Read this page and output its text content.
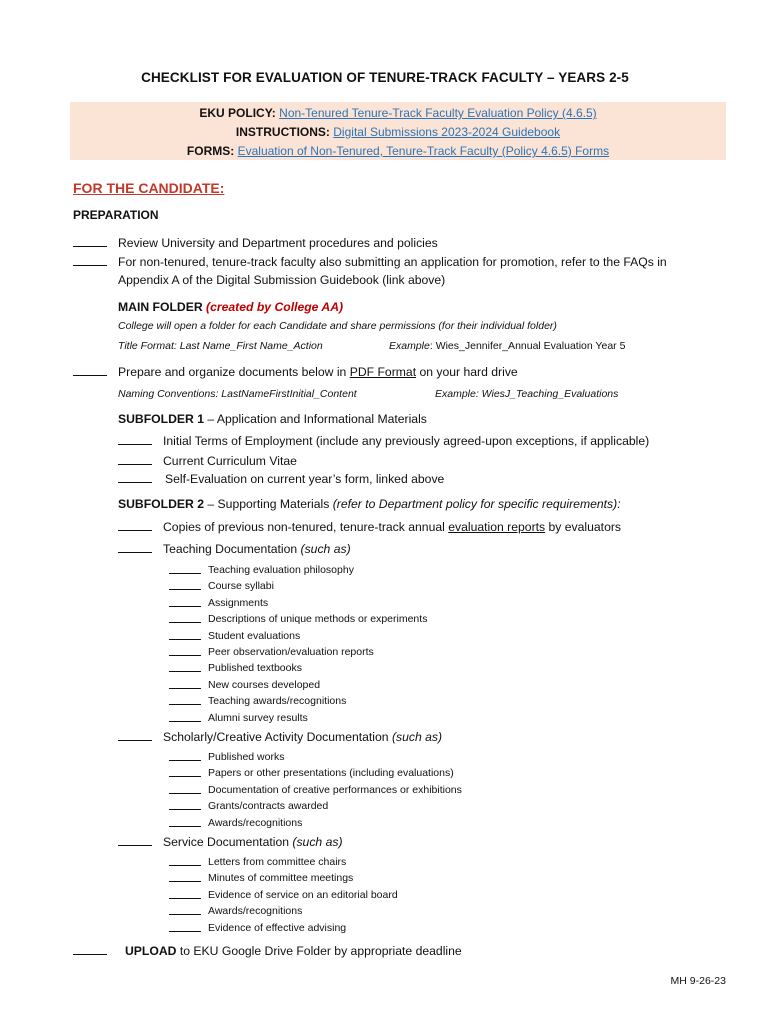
CHECKLIST FOR EVALUATION OF TENURE-TRACK FACULTY – YEARS 2-5
EKU POLICY: Non-Tenured Tenure-Track Faculty Evaluation Policy (4.6.5)
INSTRUCTIONS: Digital Submissions 2023-2024 Guidebook
FORMS: Evaluation of Non-Tenured, Tenure-Track Faculty (Policy 4.6.5) Forms
FOR THE CANDIDATE:
PREPARATION
Review University and Department procedures and policies
For non-tenured, tenure-track faculty also submitting an application for promotion, refer to the FAQs in
Appendix A of the Digital Submission Guidebook (link above)
MAIN FOLDER (created by College AA)
College will open a folder for each Candidate and share permissions (for their individual folder)
Title Format: Last Name_First Name_Action	Example: Wies_Jennifer_Annual Evaluation Year 5
Prepare and organize documents below in PDF Format on your hard drive
Naming Conventions: LastNameFirstInitial_Content	Example: WiesJ_Teaching_Evaluations
SUBFOLDER 1 – Application and Informational Materials
Initial Terms of Employment (include any previously agreed-upon exceptions, if applicable)
Current Curriculum Vitae
Self-Evaluation on current year’s form, linked above
SUBFOLDER 2 – Supporting Materials (refer to Department policy for specific requirements):
Copies of previous non-tenured, tenure-track annual evaluation reports by evaluators
Teaching Documentation (such as)
Teaching evaluation philosophy
Course syllabi
Assignments
Descriptions of unique methods or experiments
Student evaluations
Peer observation/evaluation reports
Published textbooks
New courses developed
Teaching awards/recognitions
Alumni survey results
Scholarly/Creative Activity Documentation (such as)
Published works
Papers or other presentations (including evaluations)
Documentation of creative performances or exhibitions
Grants/contracts awarded
Awards/recognitions
Service Documentation (such as)
Letters from committee chairs
Minutes of committee meetings
Evidence of service on an editorial board
Awards/recognitions
Evidence of effective advising
UPLOAD to EKU Google Drive Folder by appropriate deadline
MH 9-26-23
